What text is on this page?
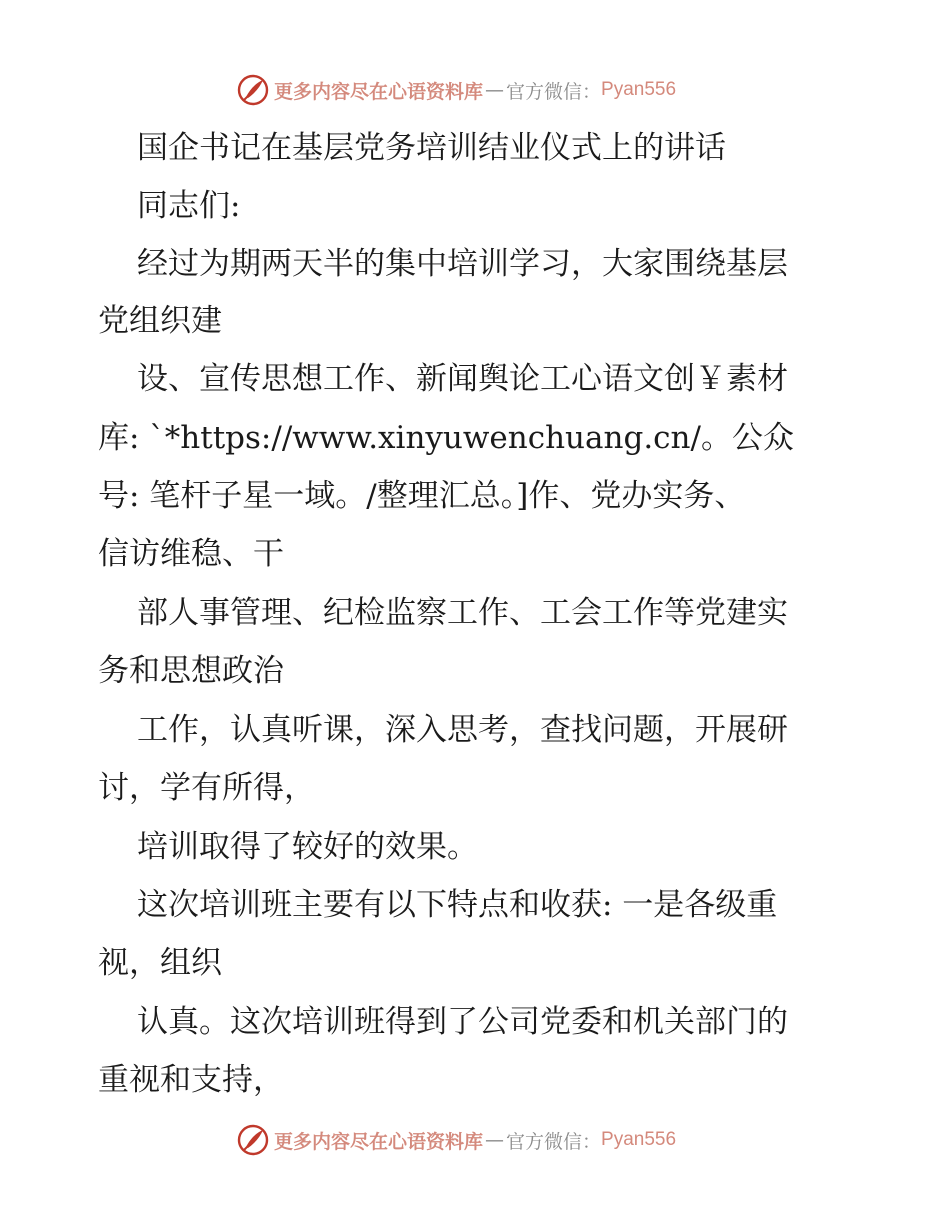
更多内容尽在心语资料库 — 官方微信： Pyan556
国企书记在基层党务培训结业仪式上的讲话
同志们:
经过为期两天半的集中培训学习，大家围绕基层
党组织建
设、宣传思想工作、新闻舆论工心语文创￥素材
库: `*https://www.xinyuwenchuang.cn/。公众
号: 笔杆子星一域。/整理汇总。]作、党办实务、
信访维稳、干
部人事管理、纪检监察工作、工会工作等党建实
务和思想政治
工作，认真听课，深入思考，查找问题，开展研
讨，学有所得，
培训取得了较好的效果。
这次培训班主要有以下特点和收获: 一是各级重
视，组织
认真。这次培训班得到了公司党委和机关部门的
重视和支持，
更多内容尽在心语资料库 — 官方微信： Pyan556
